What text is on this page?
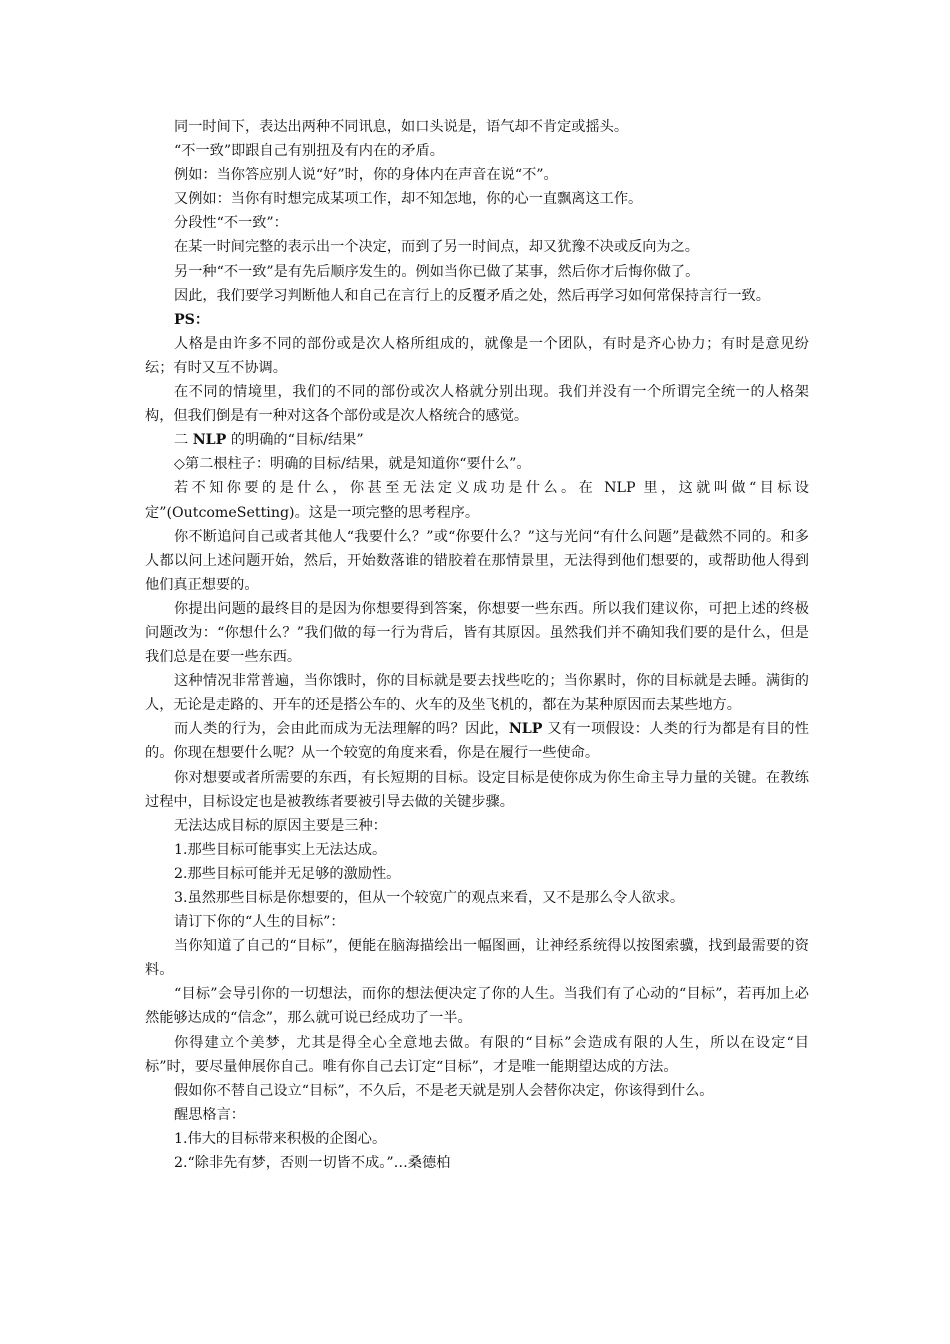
同一时间下，表达出两种不同讯息，如口头说是，语气却不肯定或摇头。

“不一致”即跟自己有别扭及有内在的矛盾。

例如：当你答应别人说“好”时，你的身体内在声音在说“不”。

又例如：当你有时想完成某项工作，却不知怎地，你的心一直飘离这工作。

分段性“不一致”：

在某一时间完整的表示出一个决定，而到了另一时间点，却又犹豫不决或反向为之。

另一种“不一致”是有先后顺序发生的。例如当你已做了某事，然后你才后悔你做了。

因此，我们要学习判断他人和自己在言行上的反覆矛盾之处，然后再学习如何常保持言行一致。

PS：

人格是由许多不同的部份或是次人格所组成的，就像是一个团队，有时是齐心协力；有时是意见纷纭；有时又互不协调。

在不同的情境里，我们的不同的部份或次人格就分别出现。我们并没有一个所谓完全统一的人格架构，但我们倒是有一种对这各个部份或是次人格统合的感觉。

二 NLP 的明确的“目标/结果”

◇第二根柱子：明确的目标/结果，就是知道你“要什么”。

若不知你要的是什么，你甚至无法定义成功是什么。在 NLP 里，这就叫做“目标设定”(OutcomeSetting)。这是一项完整的思考程序。

你不断追问自己或者其他人“我要什么？”或“你要什么？”这与光问“有什么问题”是截然不同的。和多人都以问上述问题开始，然后，开始数落谁的错胶着在那情景里，无法得到他们想要的，或帮助他人得到他们真正想要的。

你提出问题的最终目的是因为你想要得到答案，你想要一些东西。所以我们建议你，可把上述的终极问题改为：“你想什么？”我们做的每一行为背后，皆有其原因。虽然我们并不确知我们要的是什么，但是我们总是在要一些东西。

这种情况非常普遍，当你饿时，你的目标就是要去找些吃的；当你累时，你的目标就是去睡。满街的人，无论是走路的、开车的还是搭公车的、火车的及坐飞机的，都在为某种原因而去某些地方。

而人类的行为，会由此而成为无法理解的吗？因此，NLP 又有一项假设：人类的行为都是有目的性的。你现在想要什么呢？从一个较宽的角度来看，你是在履行一些使命。

你对想要或者所需要的东西，有长短期的目标。设定目标是使你成为你生命主导力量的关键。在教练过程中，目标设定也是被教练者要被引导去做的关键步骤。

无法达成目标的原因主要是三种：

1.那些目标可能事实上无法达成。

2.那些目标可能并无足够的激励性。

3.虽然那些目标是你想要的，但从一个较宽广的观点来看，又不是那么令人欲求。

请订下你的“人生的目标”：

当你知道了自己的“目标”，便能在脑海描绘出一幅图画，让神经系统得以按图索骥，找到最需要的资料。

“目标”会导引你的一切想法，而你的想法便决定了你的人生。当我们有了心动的“目标”，若再加上必然能够达成的“信念”，那么就可说已经成功了一半。

你得建立个美梦，尤其是得全心全意地去做。有限的“目标”会造成有限的人生，所以在设定“目标”时，要尽量伸展你自己。唯有你自己去订定“目标”，才是唯一能期望达成的方法。

假如你不替自己设立“目标”，不久后，不是老天就是别人会替你决定，你该得到什么。

醒思格言：

1.伟大的目标带来积极的企图心。

2.“除非先有梦，否则一切皆不成。”…桑德柏
